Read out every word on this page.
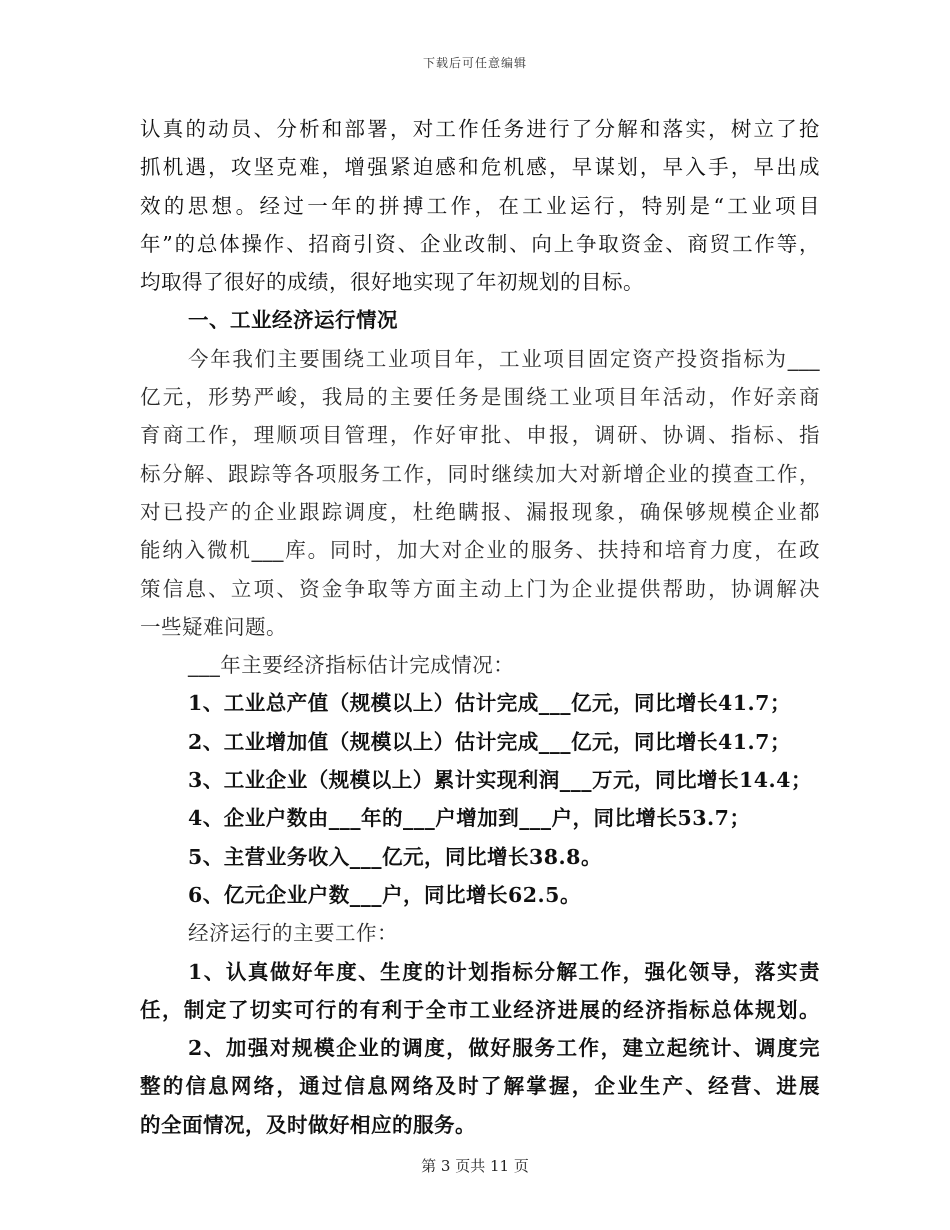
下载后可任意编辑
认真的动员、分析和部署，对工作任务进行了分解和落实，树立了抢
抓机遇，攻坚克难，增强紧迫感和危机感，早谋划，早入手，早出成
效的思想。经过一年的拼搏工作，在工业运行，特别是“工业项目
年”的总体操作、招商引资、企业改制、向上争取资金、商贸工作等，
均取得了很好的成绩，很好地实现了年初规划的目标。
一、工业经济运行情况
今年我们主要围绕工业项目年，工业项目固定资产投资指标为___
亿元，形势严峻，我局的主要任务是围绕工业项目年活动，作好亲商
育商工作，理顺项目管理，作好审批、申报，调研、协调、指标、指
标分解、跟踪等各项服务工作，同时继续加大对新增企业的摸查工作，
对已投产的企业跟踪调度，杜绝瞒报、漏报现象，确保够规模企业都
能纳入微机___库。同时，加大对企业的服务、扶持和培育力度，在政
策信息、立项、资金争取等方面主动上门为企业提供帮助，协调解决
一些疑难问题。
___年主要经济指标估计完成情况：
1、工业总产值（规模以上）估计完成___亿元，同比增长41.7；
2、工业增加值（规模以上）估计完成___亿元，同比增长41.7；
3、工业企业（规模以上）累计实现利润___万元，同比增长14.4；
4、企业户数由___年的___户增加到___户，同比增长53.7；
5、主营业务收入___亿元，同比增长38.8。
6、亿元企业户数___户，同比增长62.5。
经济运行的主要工作：
1、认真做好年度、生度的计划指标分解工作，强化领导，落实责
任，制定了切实可行的有利于全市工业经济进展的经济指标总体规划。
2、加强对规模企业的调度，做好服务工作，建立起统计、调度完
整的信息网络，通过信息网络及时了解掌握，企业生产、经营、进展
的全面情况，及时做好相应的服务。
第 3 页共 11 页
